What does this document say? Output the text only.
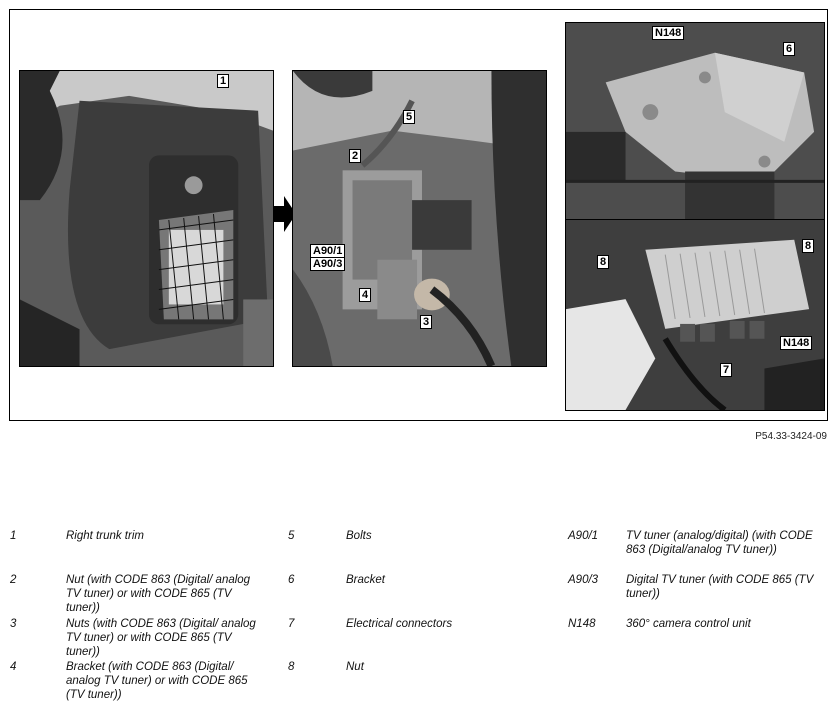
1
5
2
A90/1
A90/3
4
3
N148
6
8
8
N148
7
P54.33-3424-09
1	Right trunk trim
2	Nut (with CODE 863 (Digital/ analog TV tuner) or with CODE 865 (TV tuner))
3	Nuts (with CODE 863 (Digital/ analog TV tuner) or with CODE 865 (TV tuner))
4	Bracket (with CODE 863 (Digital/ analog TV tuner) or with CODE 865 (TV tuner))
5	Bolts
6	Bracket
7	Electrical connectors
8	Nut
A90/1 TV tuner (analog/digital) (with CODE 863 (Digital/analog TV tuner))
A90/3 Digital TV tuner (with CODE 865 (TV tuner))
N148	360° camera control unit
